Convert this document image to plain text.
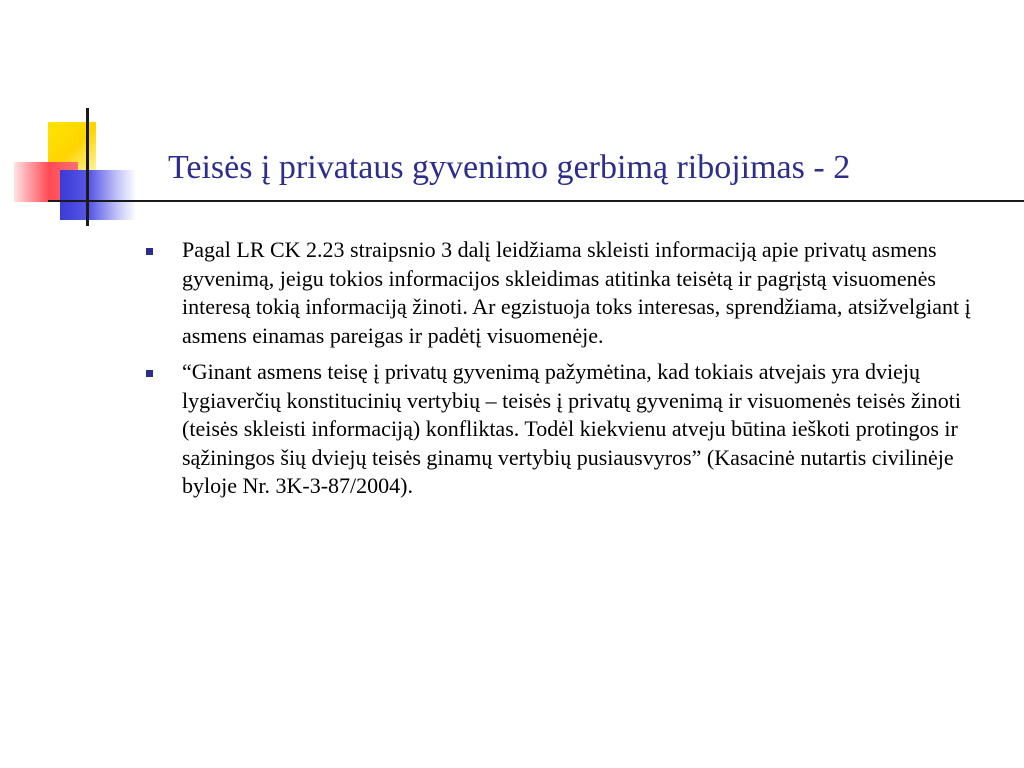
Teisės į privataus gyvenimo gerbimą ribojimas - 2
Pagal LR CK 2.23 straipsnio 3 dalį leidžiama skleisti informaciją apie privatų asmens gyvenimą, jeigu tokios informacijos skleidimas atitinka teisėtą ir pagrįstą visuomenės interesą tokią informaciją žinoti. Ar egzistuoja toks interesas, sprendžiama, atsižvelgiant į asmens einamas pareigas ir padėtį visuomenėje.
“Ginant asmens teisę į privatų gyvenimą pažymėtina, kad tokiais atvejais yra dviejų lygiaverčių konstitucinių vertybių – teisės į privatų gyvenimą ir visuomenės teisės žinoti (teisės skleisti informaciją) konfliktas. Todėl kiekvienu atveju būtina ieškoti protingos ir sąžiningos šių dviejų teisės ginamų vertybių pusiausvyros” (Kasacinė nutartis civilinėje byloje Nr. 3K-3-87/2004).
